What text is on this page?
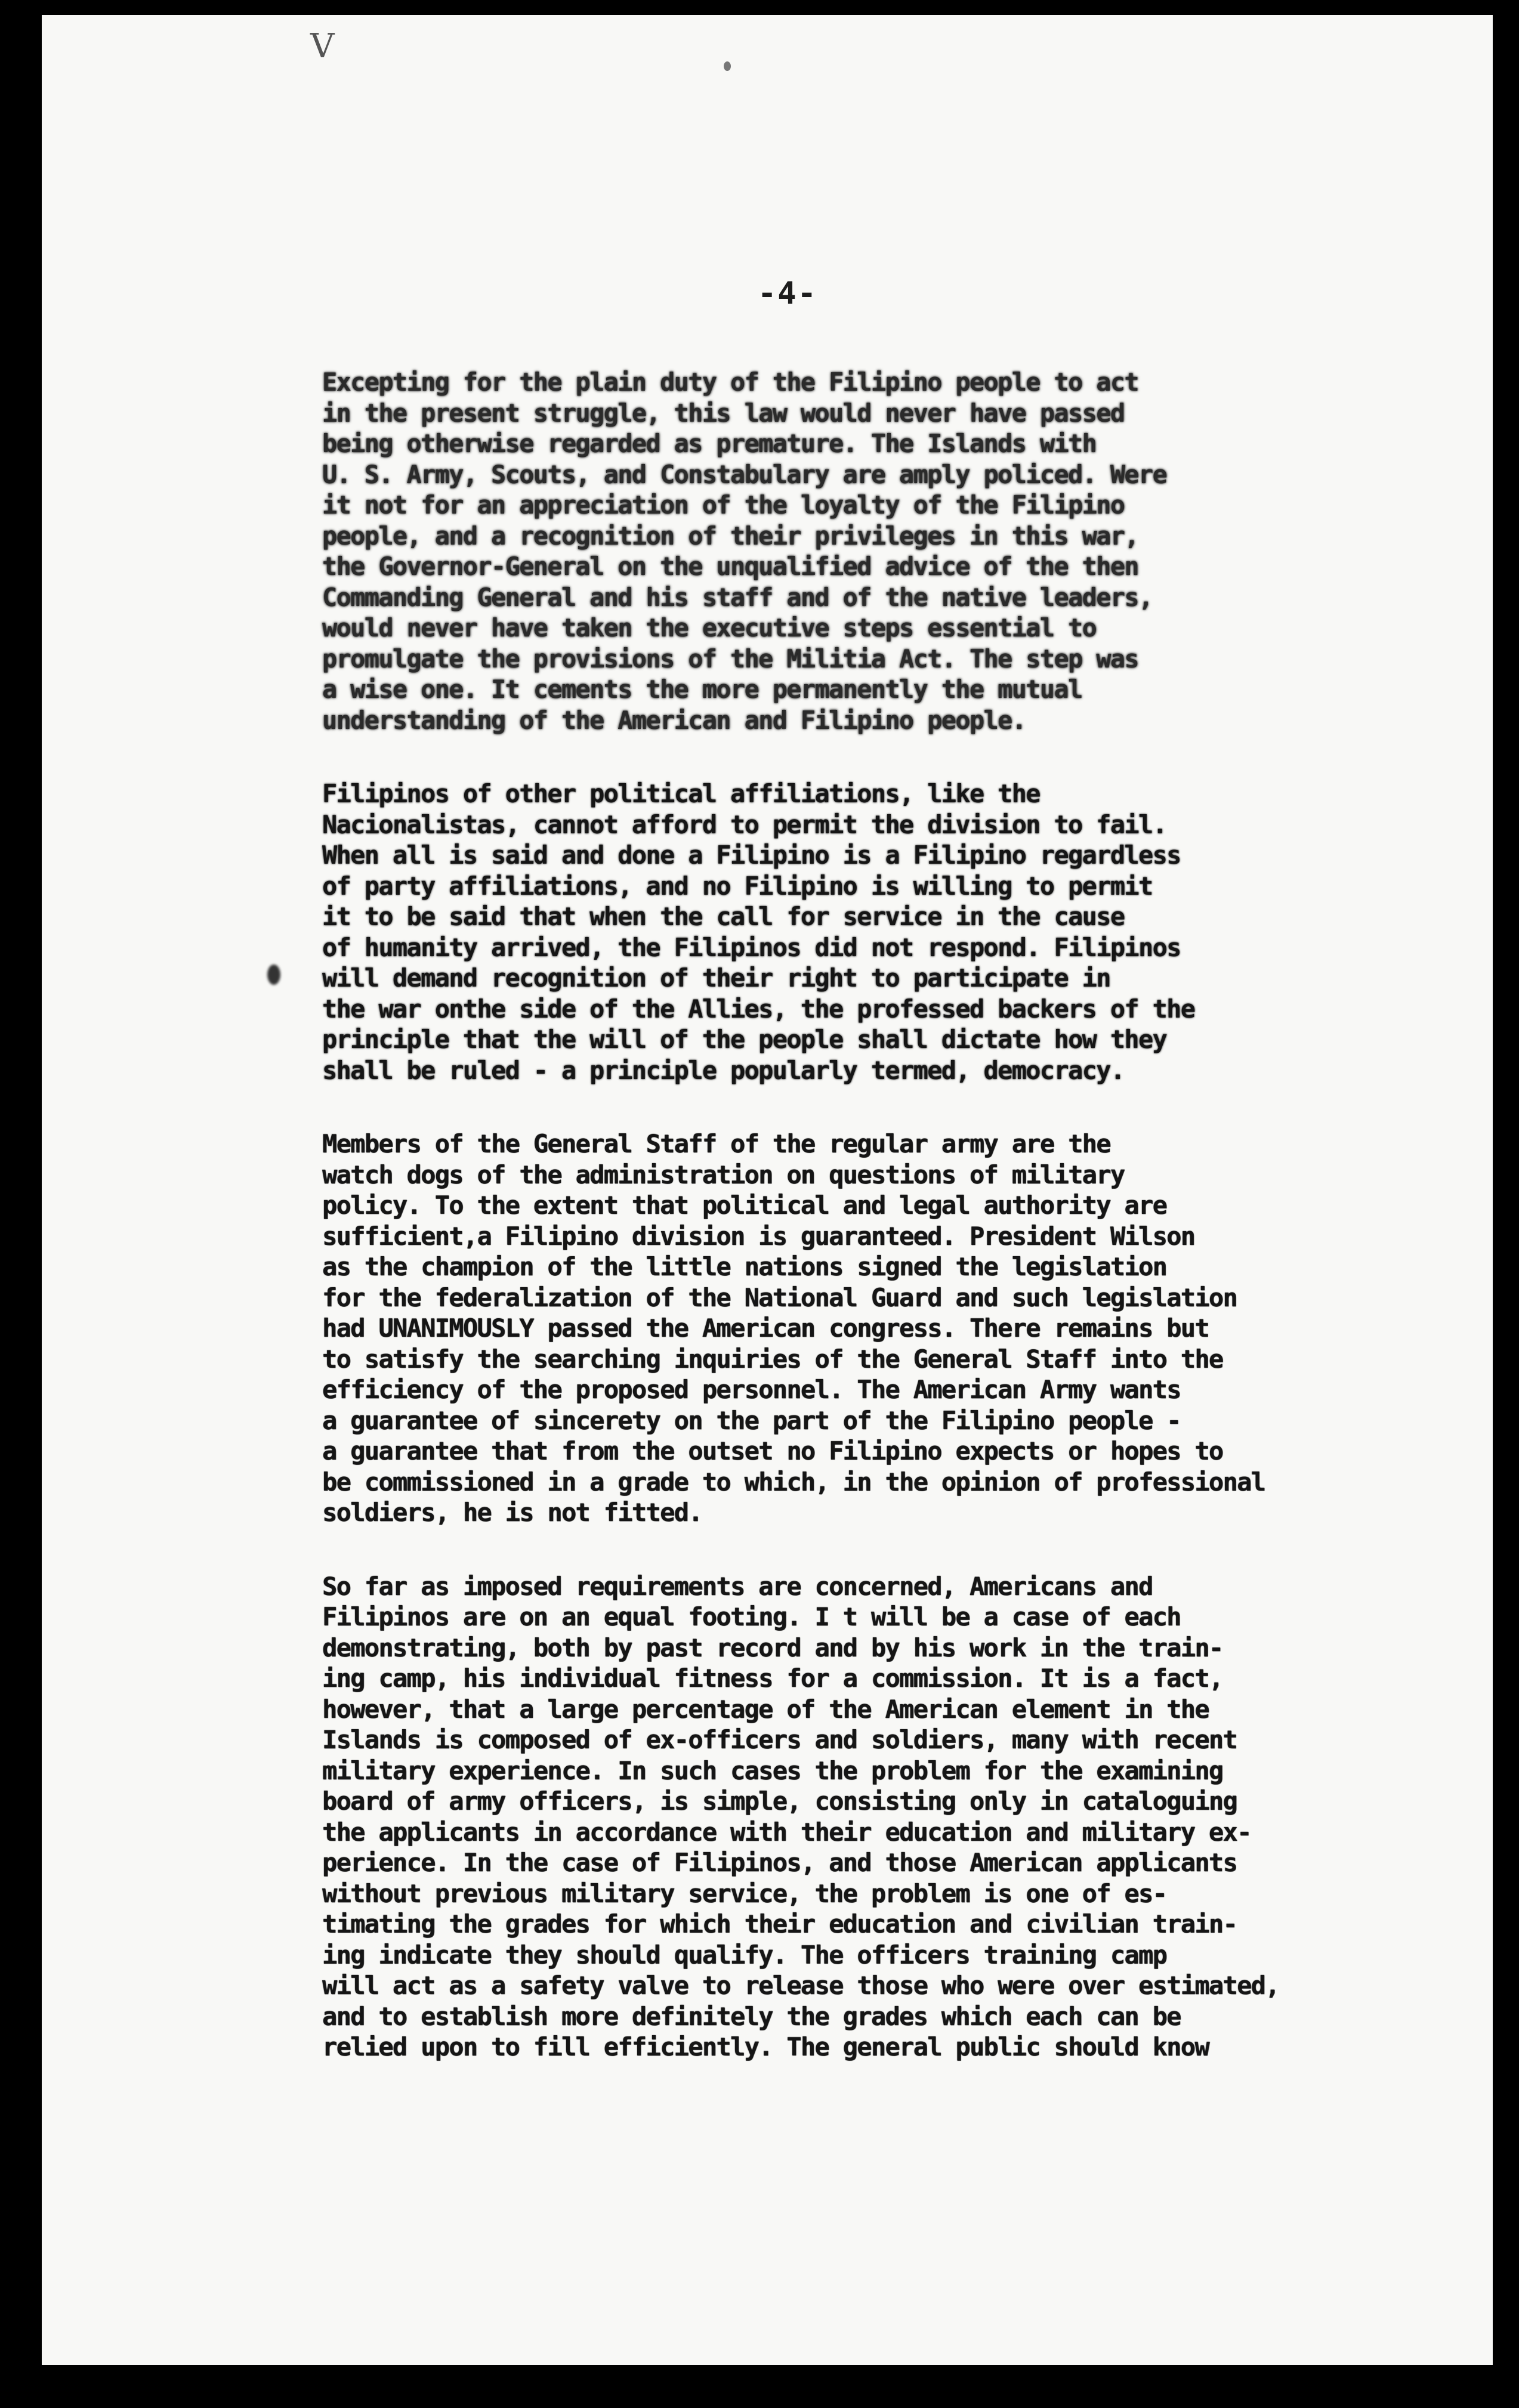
V
-4-
Excepting for the plain duty of the Filipino people to act
in the present struggle, this law would never have passed
being otherwise regarded as premature. The Islands with
U. S. Army, Scouts, and Constabulary are amply policed. Were
it not for an appreciation of the loyalty of the Filipino
people, and a recognition of their privileges in this war,
the Governor-General on the unqualified advice of the then
Commanding General and his staff and of the native leaders,
would never have taken the executive steps essential to
promulgate the provisions of the Militia Act. The step was
a wise one. It cements the more permanently the mutual
understanding of the American and Filipino people.
Filipinos of other political affiliations, like the
Nacionalistas, cannot afford to permit the division to fail.
When all is said and done a Filipino is a Filipino regardless
of party affiliations, and no Filipino is willing to permit
it to be said that when the call for service in the cause
of humanity arrived, the Filipinos did not respond. Filipinos
will demand recognition of their right to participate in
the war onthe side of the Allies, the professed backers of the
principle that the will of the people shall dictate how they
shall be ruled - a principle popularly termed, democracy.
Members of the General Staff of the regular army are the
watch dogs of the administration on questions of military
policy. To the extent that political and legal authority are
sufficient,a Filipino division is guaranteed. President Wilson
as the champion of the little nations signed the legislation
for the federalization of the National Guard and such legislation
had UNANIMOUSLY passed the American congress. There remains but
to satisfy the searching inquiries of the General Staff into the
efficiency of the proposed personnel. The American Army wants
a guarantee of sincerety on the part of the Filipino people -
a guarantee that from the outset no Filipino expects or hopes to
be commissioned in a grade to which, in the opinion of professional
soldiers, he is not fitted.
So far as imposed requirements are concerned, Americans and
Filipinos are on an equal footing. I t will be a case of each
demonstrating, both by past record and by his work in the train-
ing camp, his individual fitness for a commission. It is a fact,
however, that a large percentage of the American element in the
Islands is composed of ex-officers and soldiers, many with recent
military experience. In such cases the problem for the examining
board of army officers, is simple, consisting only in cataloguing
the applicants in accordance with their education and military ex-
perience. In the case of Filipinos, and those American applicants
without previous military service, the problem is one of es-
timating the grades for which their education and civilian train-
ing indicate they should qualify. The officers training camp
will act as a safety valve to release those who were over estimated,
and to establish more definitely the grades which each can be
relied upon to fill efficiently. The general public should know
